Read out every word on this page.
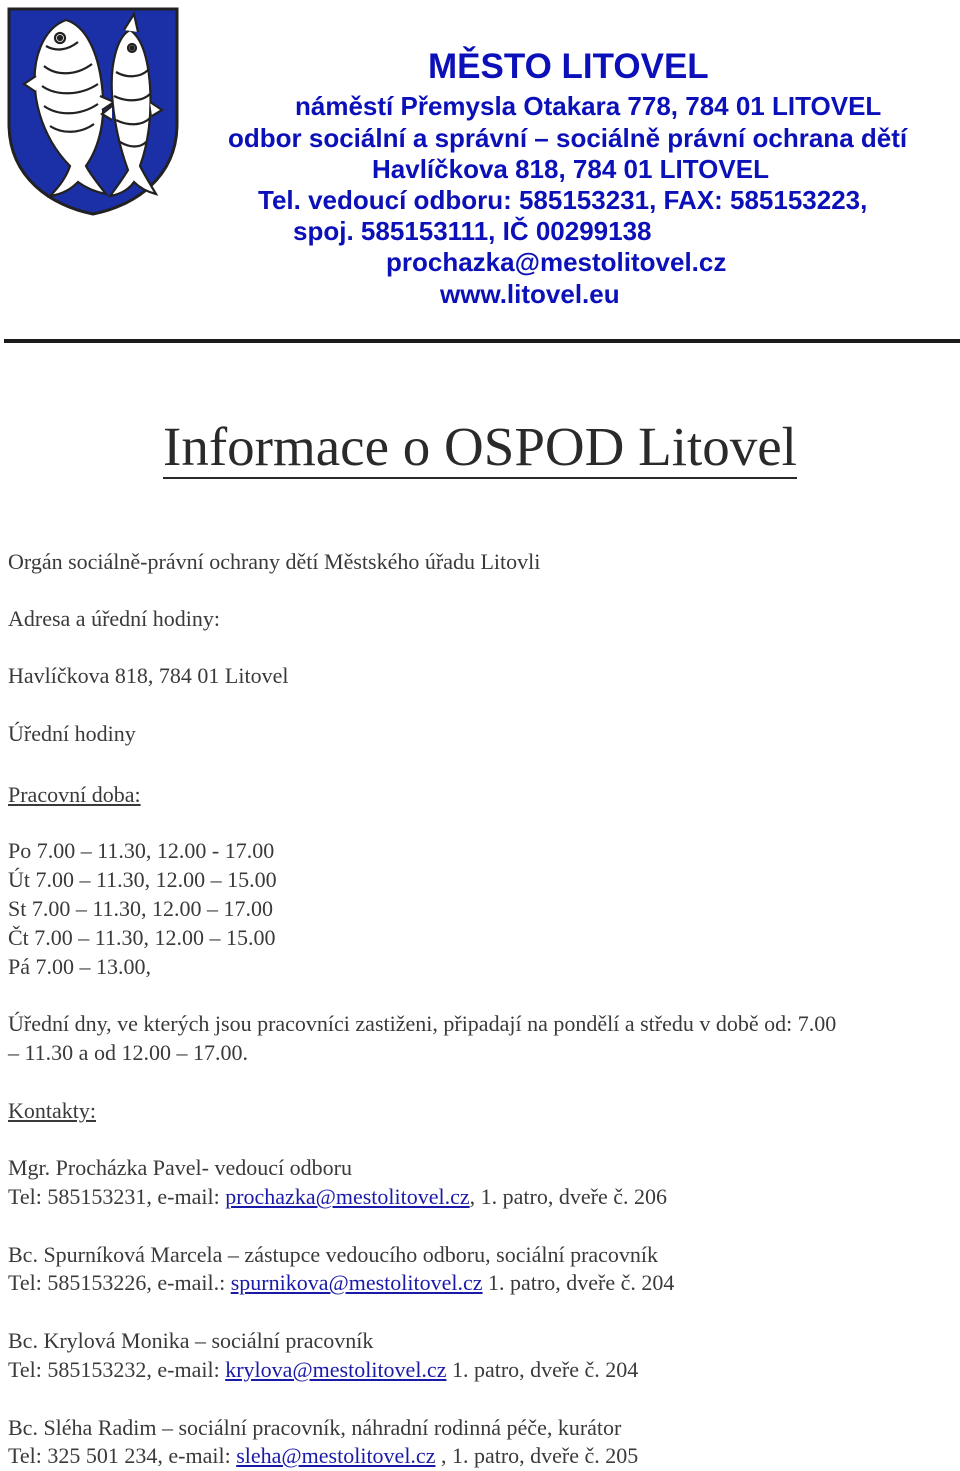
MĚSTO LITOVEL
náměstí Přemysla Otakara 778, 784 01 LITOVEL
odbor sociální a správní – sociálně právní ochrana dětí
Havlíčkova 818, 784 01 LITOVEL
Tel. vedoucí odboru: 585153231, FAX: 585153223,
spoj. 585153111, IČ 00299138
prochazka@mestolitovel.cz
www.litovel.eu
Informace o OSPOD Litovel
Orgán sociálně-právní ochrany dětí Městského úřadu Litovli
Adresa a úřední hodiny:
Havlíčkova 818, 784 01 Litovel
Úřední hodiny
Pracovní doba:
Po 7.00 – 11.30, 12.00 - 17.00
Út 7.00 – 11.30, 12.00 – 15.00
St 7.00 – 11.30, 12.00 – 17.00
Čt 7.00 – 11.30, 12.00 – 15.00
Pá 7.00 – 13.00,
Úřední dny, ve kterých jsou pracovníci zastiženi, připadají na pondělí a středu v době od: 7.00
– 11.30 a od 12.00 – 17.00.
Kontakty:
Mgr. Procházka Pavel- vedoucí odboru
Tel: 585153231, e-mail: prochazka@mestolitovel.cz, 1. patro, dveře č. 206
Bc. Spurníková Marcela – zástupce vedoucího odboru, sociální pracovník
Tel: 585153226, e-mail.: spurnikova@mestolitovel.cz 1. patro, dveře č. 204
Bc. Krylová Monika – sociální pracovník
Tel: 585153232, e-mail: krylova@mestolitovel.cz 1. patro, dveře č. 204
Bc. Sléha Radim – sociální pracovník, náhradní rodinná péče, kurátor
Tel: 325 501 234, e-mail: sleha@mestolitovel.cz , 1. patro, dveře č. 205
